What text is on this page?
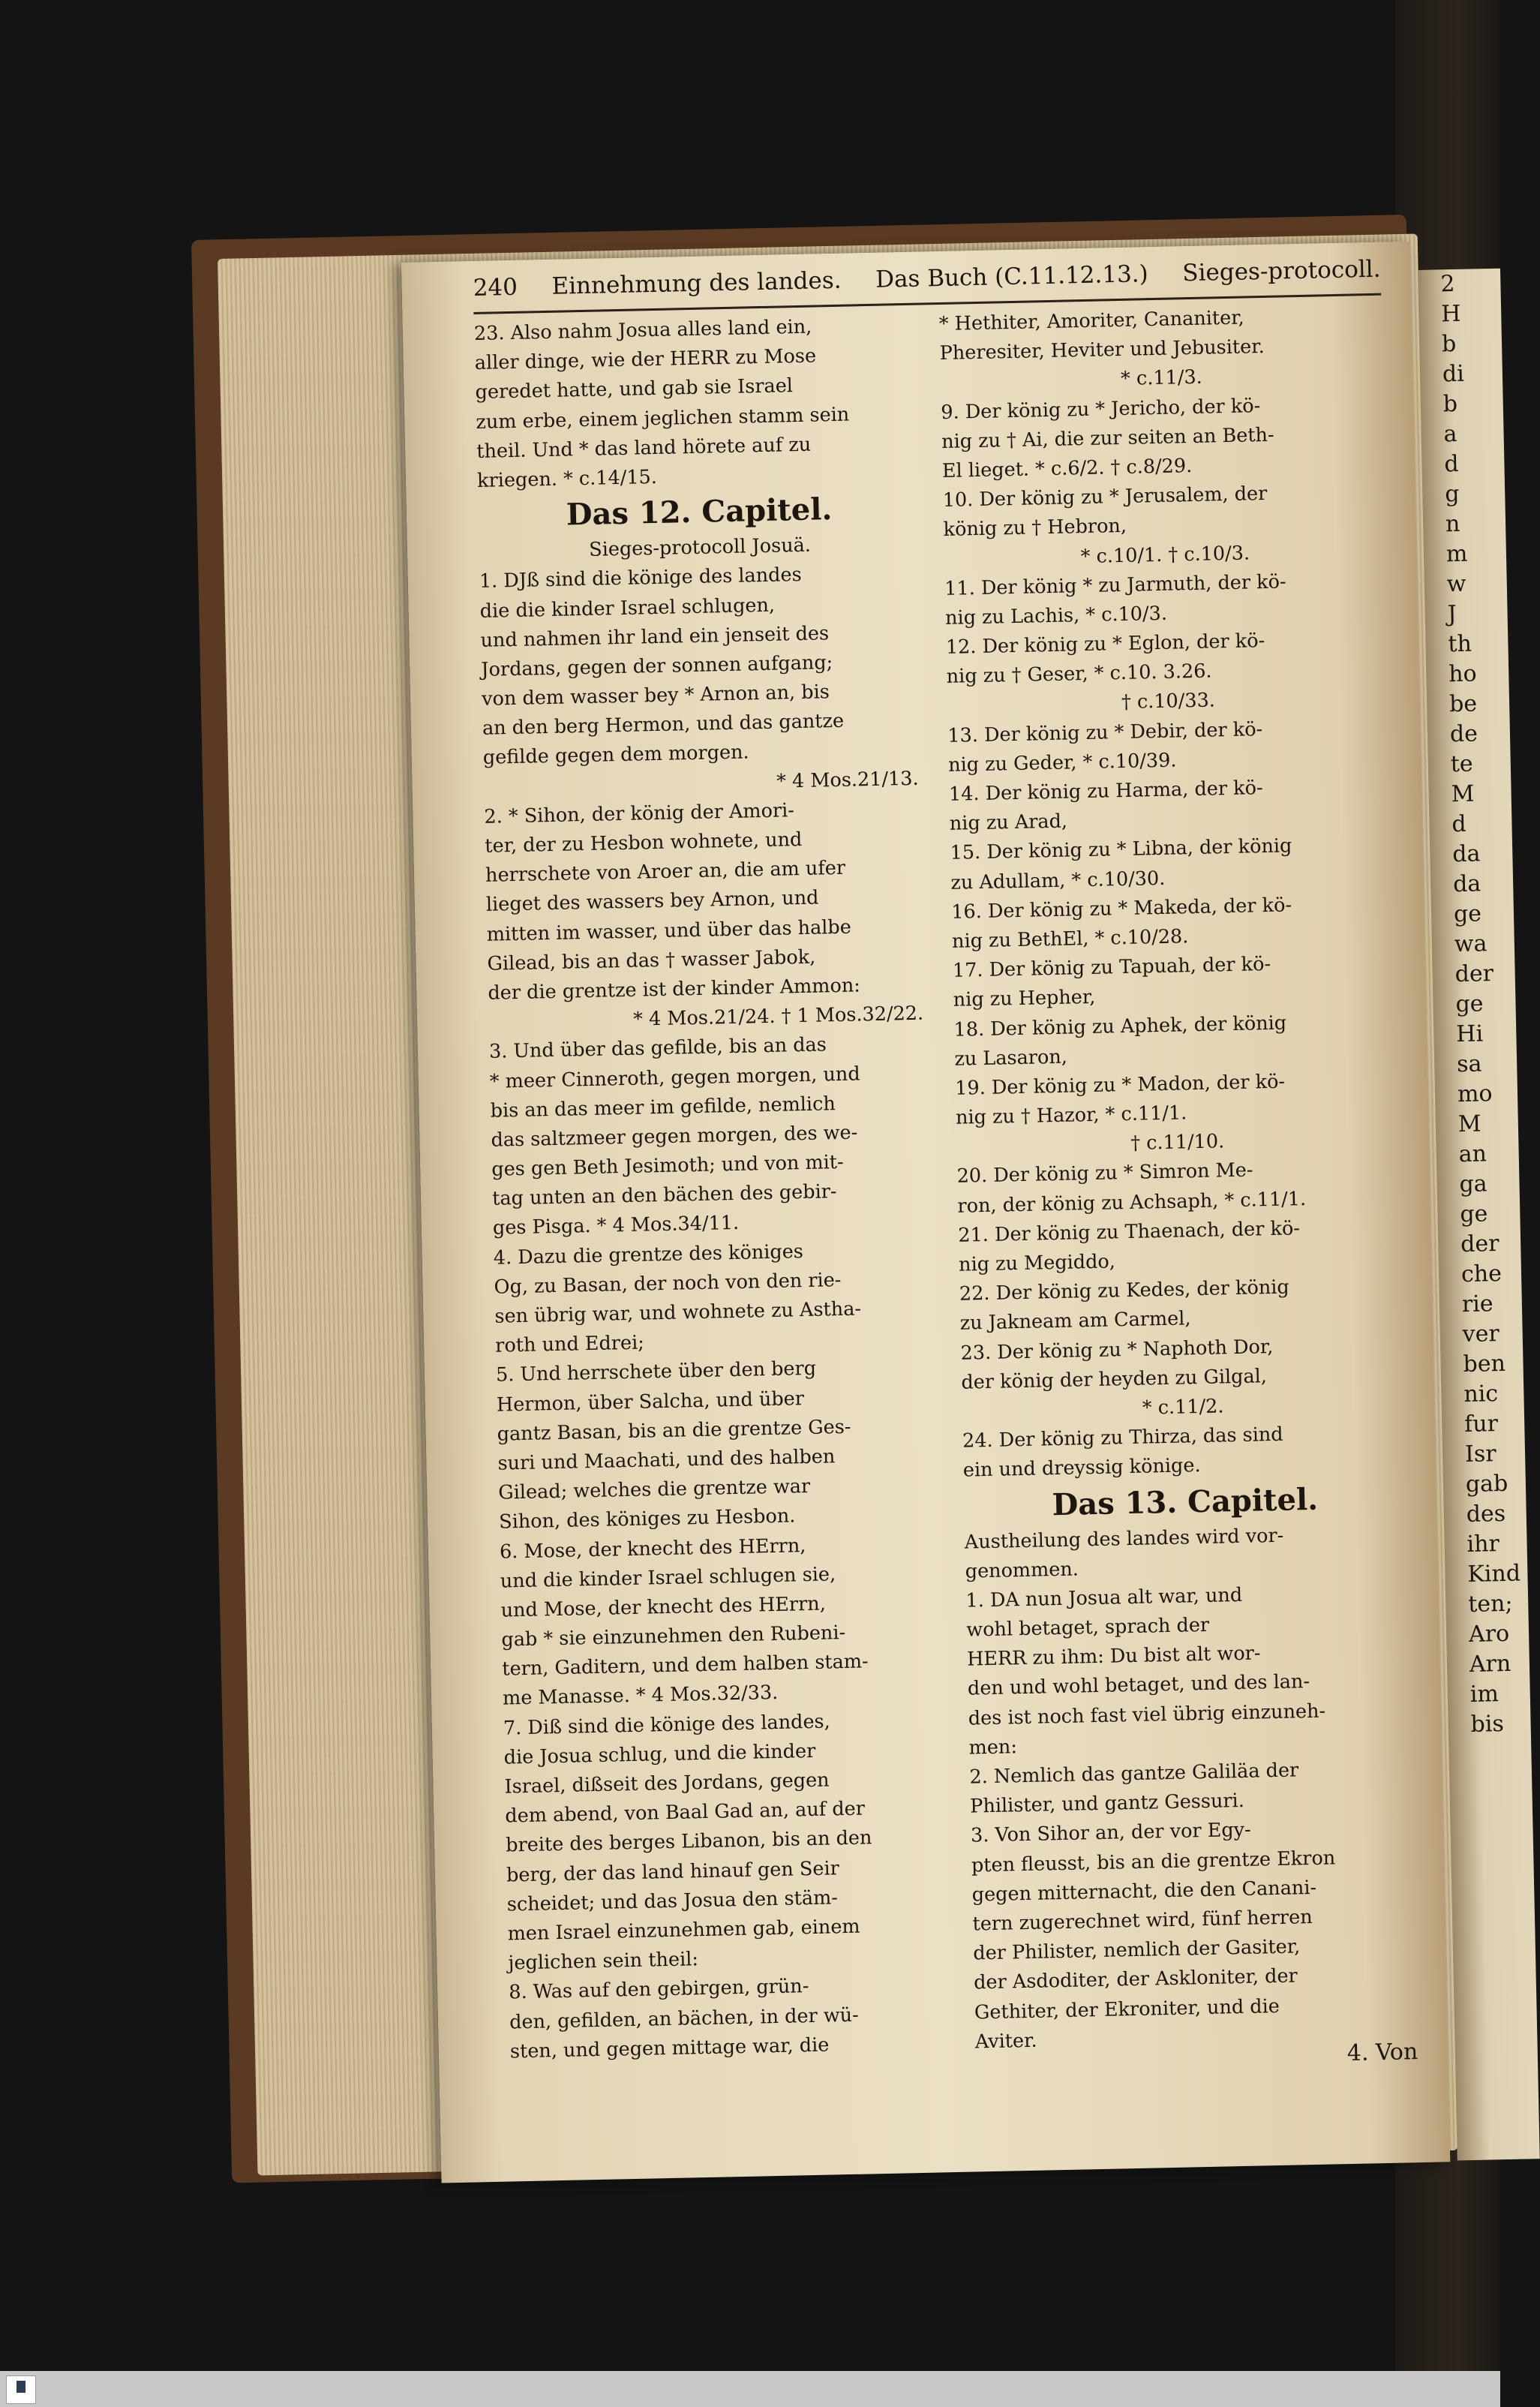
240 Einnehmung des landes. Das Buch (C.11.12.13.) Sieges-protocoll.
23. Also nahm Josua alles land ein,
aller dinge, wie der HERR zu Mose
geredet hatte, und gab sie Israel
zum erbe, einem jeglichen stamm sein
theil. Und * das land hörete auf zu
kriegen. * c.14/15.
Das 12. Capitel.
Sieges-protocoll Josuä.
1. DJß sind die könige des landes
die die kinder Israel schlugen,
und nahmen ihr land ein jenseit des
Jordans, gegen der sonnen aufgang;
von dem wasser bey * Arnon an, bis
an den berg Hermon, und das gantze
gefilde gegen dem morgen.
* 4 Mos.21/13.
2. * Sihon, der könig der Amori-
ter, der zu Hesbon wohnete, und
herrschete von Aroer an, die am ufer
lieget des wassers bey Arnon, und
mitten im wasser, und über das halbe
Gilead, bis an das † wasser Jabok,
der die grentze ist der kinder Ammon:
* 4 Mos.21/24. † 1 Mos.32/22.
3. Und über das gefilde, bis an das
* meer Cinneroth, gegen morgen, und
bis an das meer im gefilde, nemlich
das saltzmeer gegen morgen, des we-
ges gen Beth Jesimoth; und von mit-
tag unten an den bächen des gebir-
ges Pisga. * 4 Mos.34/11.
4. Dazu die grentze des königes
Og, zu Basan, der noch von den rie-
sen übrig war, und wohnete zu Astha-
roth und Edrei;
5. Und herrschete über den berg
Hermon, über Salcha, und über
gantz Basan, bis an die grentze Ges-
suri und Maachati, und des halben
Gilead; welches die grentze war
Sihon, des königes zu Hesbon.
6. Mose, der knecht des HErrn,
und die kinder Israel schlugen sie,
und Mose, der knecht des HErrn,
gab * sie einzunehmen den Rubeni-
tern, Gaditern, und dem halben stam-
me Manasse. * 4 Mos.32/33.
7. Diß sind die könige des landes,
die Josua schlug, und die kinder
Israel, dißseit des Jordans, gegen
dem abend, von Baal Gad an, auf der
breite des berges Libanon, bis an den
berg, der das land hinauf gen Seir
scheidet; und das Josua den stäm-
men Israel einzunehmen gab, einem
jeglichen sein theil:
8. Was auf den gebirgen, grün-
den, gefilden, an bächen, in der wü-
sten, und gegen mittage war, die
* Hethiter, Amoriter, Cananiter,
Pheresiter, Heviter und Jebusiter.
* c.11/3.
9. Der könig zu * Jericho, der kö-
nig zu † Ai, die zur seiten an Beth-
El lieget. * c.6/2. † c.8/29.
10. Der könig zu * Jerusalem, der
könig zu † Hebron,
* c.10/1. † c.10/3.
11. Der könig * zu Jarmuth, der kö-
nig zu Lachis, * c.10/3.
12. Der könig zu * Eglon, der kö-
nig zu † Geser, * c.10. 3.26.
† c.10/33.
13. Der könig zu * Debir, der kö-
nig zu Geder, * c.10/39.
14. Der könig zu Harma, der kö-
nig zu Arad,
15. Der könig zu * Libna, der könig
zu Adullam, * c.10/30.
16. Der könig zu * Makeda, der kö-
nig zu BethEl, * c.10/28.
17. Der könig zu Tapuah, der kö-
nig zu Hepher,
18. Der könig zu Aphek, der könig
zu Lasaron,
19. Der könig zu * Madon, der kö-
nig zu † Hazor, * c.11/1.
† c.11/10.
20. Der könig zu * Simron Me-
ron, der könig zu Achsaph, * c.11/1.
21. Der könig zu Thaenach, der kö-
nig zu Megiddo,
22. Der könig zu Kedes, der könig
zu Jakneam am Carmel,
23. Der könig zu * Naphoth Dor,
der könig der heyden zu Gilgal,
* c.11/2.
24. Der könig zu Thirza, das sind
ein und dreyssig könige.
Das 13. Capitel.
Austheilung des landes wird vor-
genommen.
1. DA nun Josua alt war, und
wohl betaget, sprach der
HERR zu ihm: Du bist alt wor-
den und wohl betaget, und des lan-
des ist noch fast viel übrig einzuneh-
men:
2. Nemlich das gantze Galiläa der
Philister, und gantz Gessuri.
3. Von Sihor an, der vor Egy-
pten fleusst, bis an die grentze Ekron
gegen mitternacht, die den Canani-
tern zugerechnet wird, fünf herren
der Philister, nemlich der Gasiter,
der Asdoditer, der Askloniter, der
Gethiter, der Ekroniter, und die
Aviter.	4. Von
2
H
b
di
b
a
d
g
n
m
w
J
th
ho
be
de
te
M
d
da
da
ge
wa
der
ge
Hi
sa
mo
M
an
ga
ge
der
che
rie
ver
ben
nic
fur
Isr
gab
des
ihr
Kind
ten;
Aro
Arn
im
bis
